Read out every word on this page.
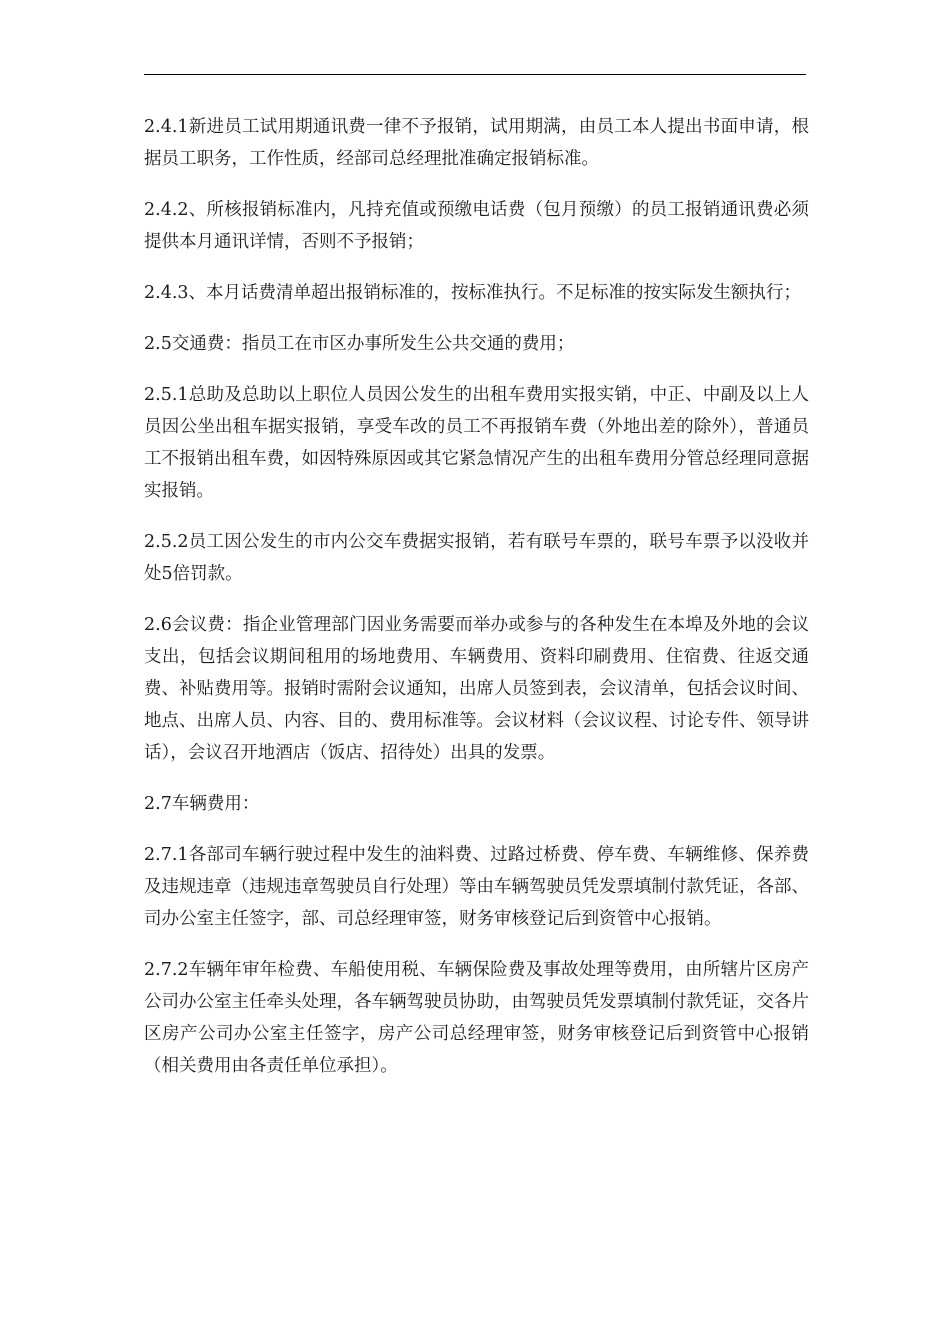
2.4.1新进员工试用期通讯费一律不予报销，试用期满，由员工本人提出书面申请，根据员工职务，工作性质，经部司总经理批准确定报销标准。

2.4.2、所核报销标准内，凡持充值或预缴电话费（包月预缴）的员工报销通讯费必须提供本月通讯详情，否则不予报销；

2.4.3、本月话费清单超出报销标准的，按标准执行。不足标准的按实际发生额执行；

2.5交通费：指员工在市区办事所发生公共交通的费用；

2.5.1总助及总助以上职位人员因公发生的出租车费用实报实销，中正、中副及以上人员因公坐出租车据实报销，享受车改的员工不再报销车费（外地出差的除外），普通员工不报销出租车费，如因特殊原因或其它紧急情况产生的出租车费用分管总经理同意据实报销。

2.5.2员工因公发生的市内公交车费据实报销，若有联号车票的，联号车票予以没收并处5倍罚款。

2.6会议费：指企业管理部门因业务需要而举办或参与的各种发生在本埠及外地的会议支出，包括会议期间租用的场地费用、车辆费用、资料印刷费用、住宿费、往返交通费、补贴费用等。报销时需附会议通知，出席人员签到表，会议清单，包括会议时间、地点、出席人员、内容、目的、费用标准等。会议材料（会议议程、讨论专件、领导讲话），会议召开地酒店（饭店、招待处）出具的发票。

2.7车辆费用：

2.7.1各部司车辆行驶过程中发生的油料费、过路过桥费、停车费、车辆维修、保养费及违规违章（违规违章驾驶员自行处理）等由车辆驾驶员凭发票填制付款凭证，各部、司办公室主任签字，部、司总经理审签，财务审核登记后到资管中心报销。

2.7.2车辆年审年检费、车船使用税、车辆保险费及事故处理等费用，由所辖片区房产公司办公室主任牵头处理，各车辆驾驶员协助，由驾驶员凭发票填制付款凭证，交各片区房产公司办公室主任签字，房产公司总经理审签，财务审核登记后到资管中心报销（相关费用由各责任单位承担）。
